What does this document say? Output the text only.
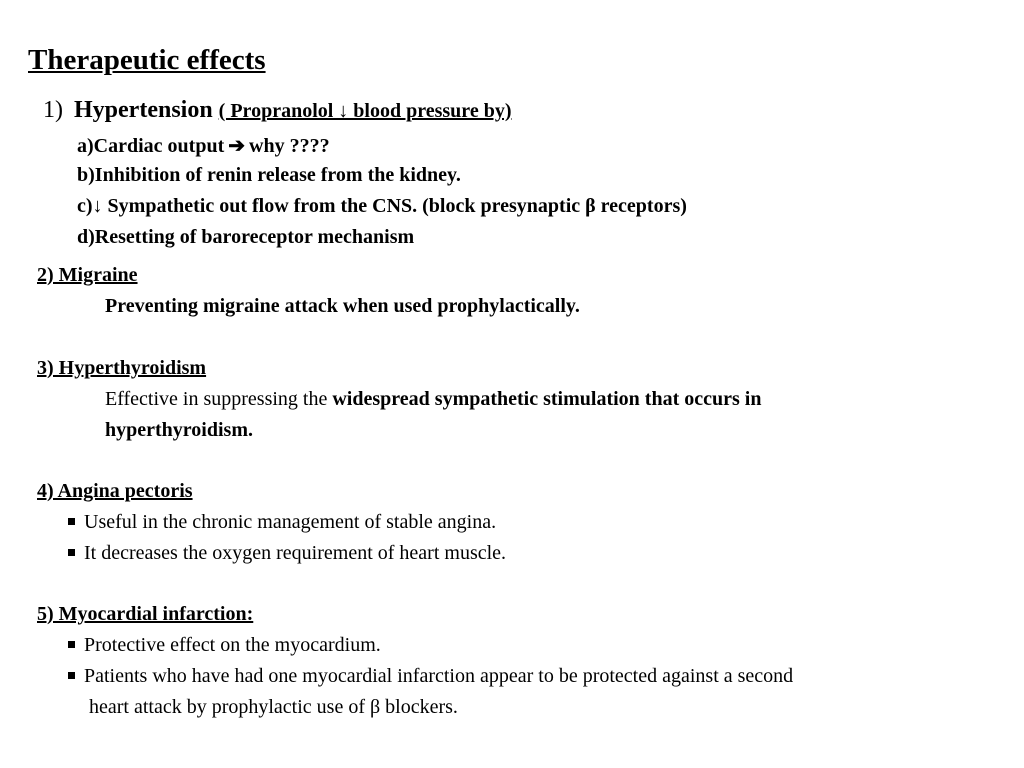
Therapeutic effects
1) Hypertension ( Propranolol ↓ blood pressure by)
a)Cardiac output ➔ why ????
b)Inhibition of renin release from the kidney.
c)↓ Sympathetic out flow from the CNS. (block presynaptic β receptors)
d)Resetting of baroreceptor mechanism
2) Migraine
Preventing migraine attack when used prophylactically.
3) Hyperthyroidism
Effective in suppressing the widespread sympathetic stimulation that occurs in
hyperthyroidism.
4) Angina pectoris
Useful in the chronic management of stable angina.
It decreases the oxygen requirement of heart muscle.
5) Myocardial infarction:
Protective effect on the myocardium.
Patients who have had one myocardial infarction appear to be protected against a second
heart attack by prophylactic use of β blockers.
